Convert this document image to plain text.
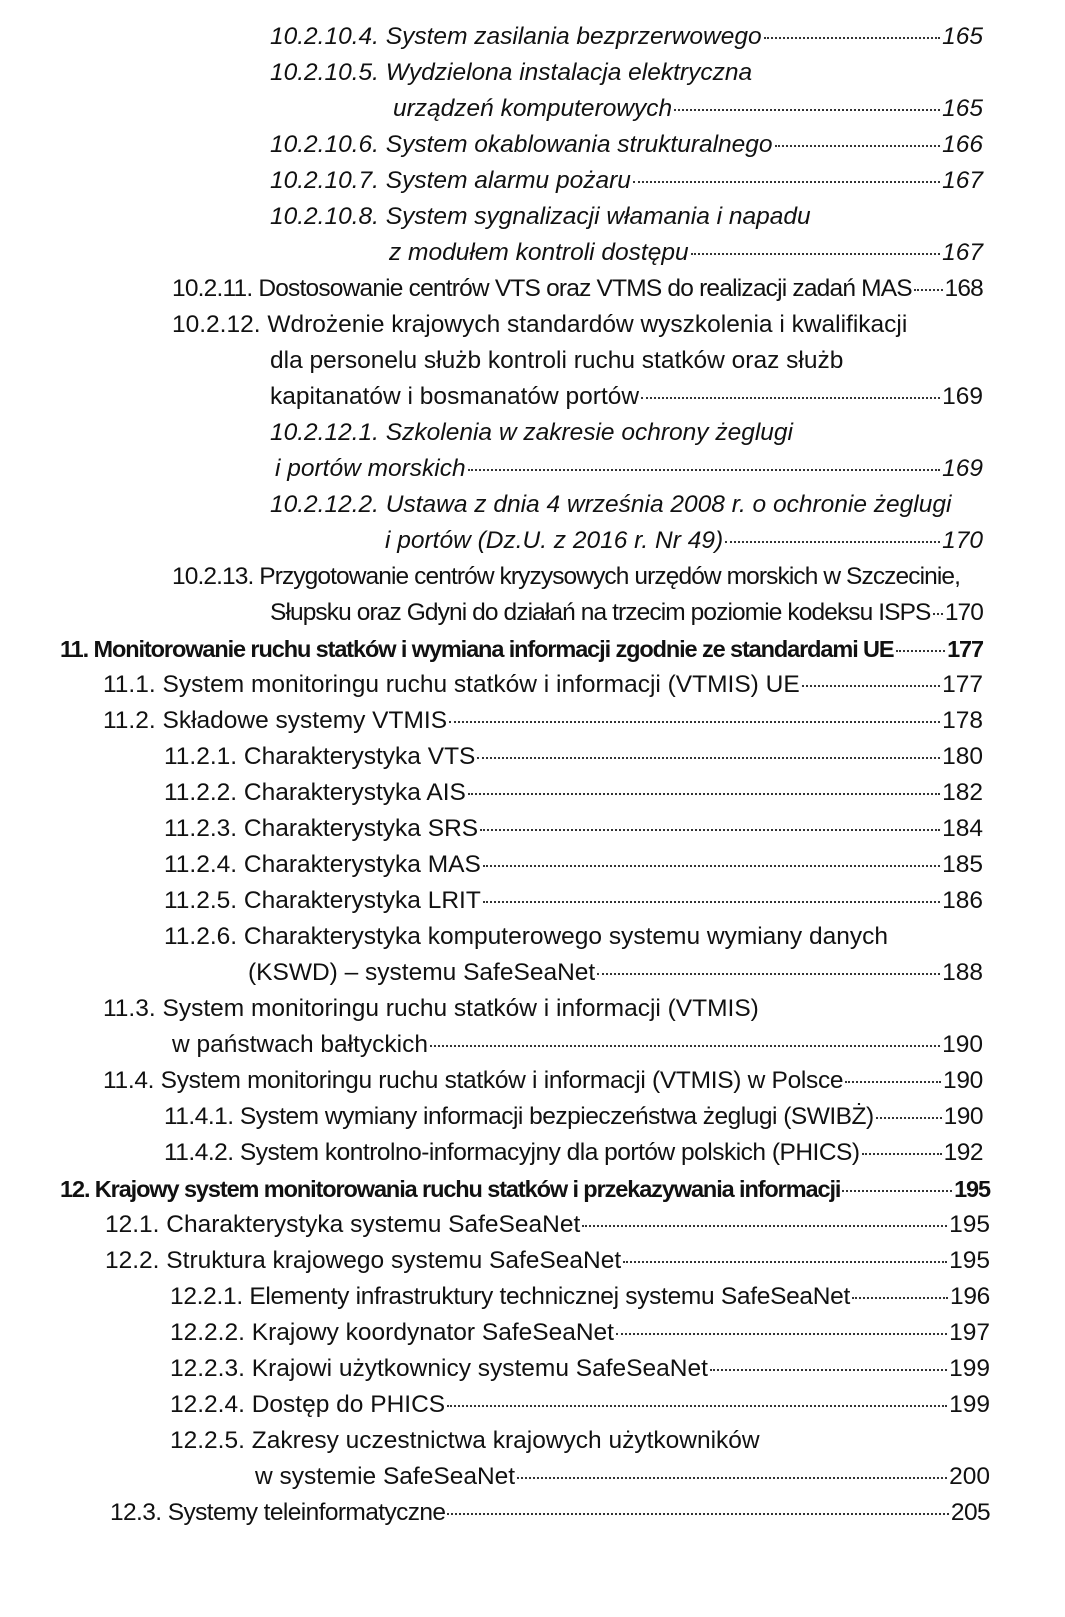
10.2.10.4. System zasilania bezprzerwowego	165
10.2.10.5. Wydzielona instalacja elektryczna
urządzeń komputerowych	165
10.2.10.6. System okablowania strukturalnego	166
10.2.10.7. System alarmu pożaru	167
10.2.10.8. System sygnalizacji włamania i napadu
z modułem kontroli dostępu	167
10.2.11. Dostosowanie centrów VTS oraz VTMS do realizacji zadań MAS 168
10.2.12. Wdrożenie krajowych standardów wyszkolenia i kwalifikacji
dla personelu służb kontroli ruchu statków oraz służb
kapitanatów i bosmanatów portów	169
10.2.12.1. Szkolenia w zakresie ochrony żeglugi
i portów morskich	169
10.2.12.2. Ustawa z dnia 4 września 2008 r. o ochronie żeglugi
i portów (Dz.U. z 2016 r. Nr 49)	170
10.2.13. Przygotowanie centrów kryzysowych urzędów morskich w Szczecinie,
Słupsku oraz Gdyni do działań na trzecim poziomie kodeksu ISPS 170
11. Monitorowanie ruchu statków i wymiana informacji zgodnie ze standardami UE 177
11.1. System monitoringu ruchu statków i informacji (VTMIS) UE	177
11.2. Składowe systemy VTMIS	178
11.2.1. Charakterystyka VTS	180
11.2.2. Charakterystyka AIS	182
11.2.3. Charakterystyka SRS	184
11.2.4. Charakterystyka MAS	185
11.2.5. Charakterystyka LRIT	186
11.2.6. Charakterystyka komputerowego systemu wymiany danych
(KSWD) – systemu SafeSeaNet	188
11.3. System monitoringu ruchu statków i informacji (VTMIS)
w państwach bałtyckich	190
11.4. System monitoringu ruchu statków i informacji (VTMIS) w Polsce	190
11.4.1. System wymiany informacji bezpieczeństwa żeglugi (SWIBŻ)	190
11.4.2. System kontrolno-informacyjny dla portów polskich (PHICS)	192
12. Krajowy system monitorowania ruchu statków i przekazywania informacji	195
12.1. Charakterystyka systemu SafeSeaNet	195
12.2. Struktura krajowego systemu SafeSeaNet	195
12.2.1. Elementy infrastruktury technicznej systemu SafeSeaNet	196
12.2.2. Krajowy koordynator SafeSeaNet	197
12.2.3. Krajowi użytkownicy systemu SafeSeaNet	199
12.2.4. Dostęp do PHICS	199
12.2.5. Zakresy uczestnictwa krajowych użytkowników
w systemie SafeSeaNet	200
12.3. Systemy teleinformatyczne	205
